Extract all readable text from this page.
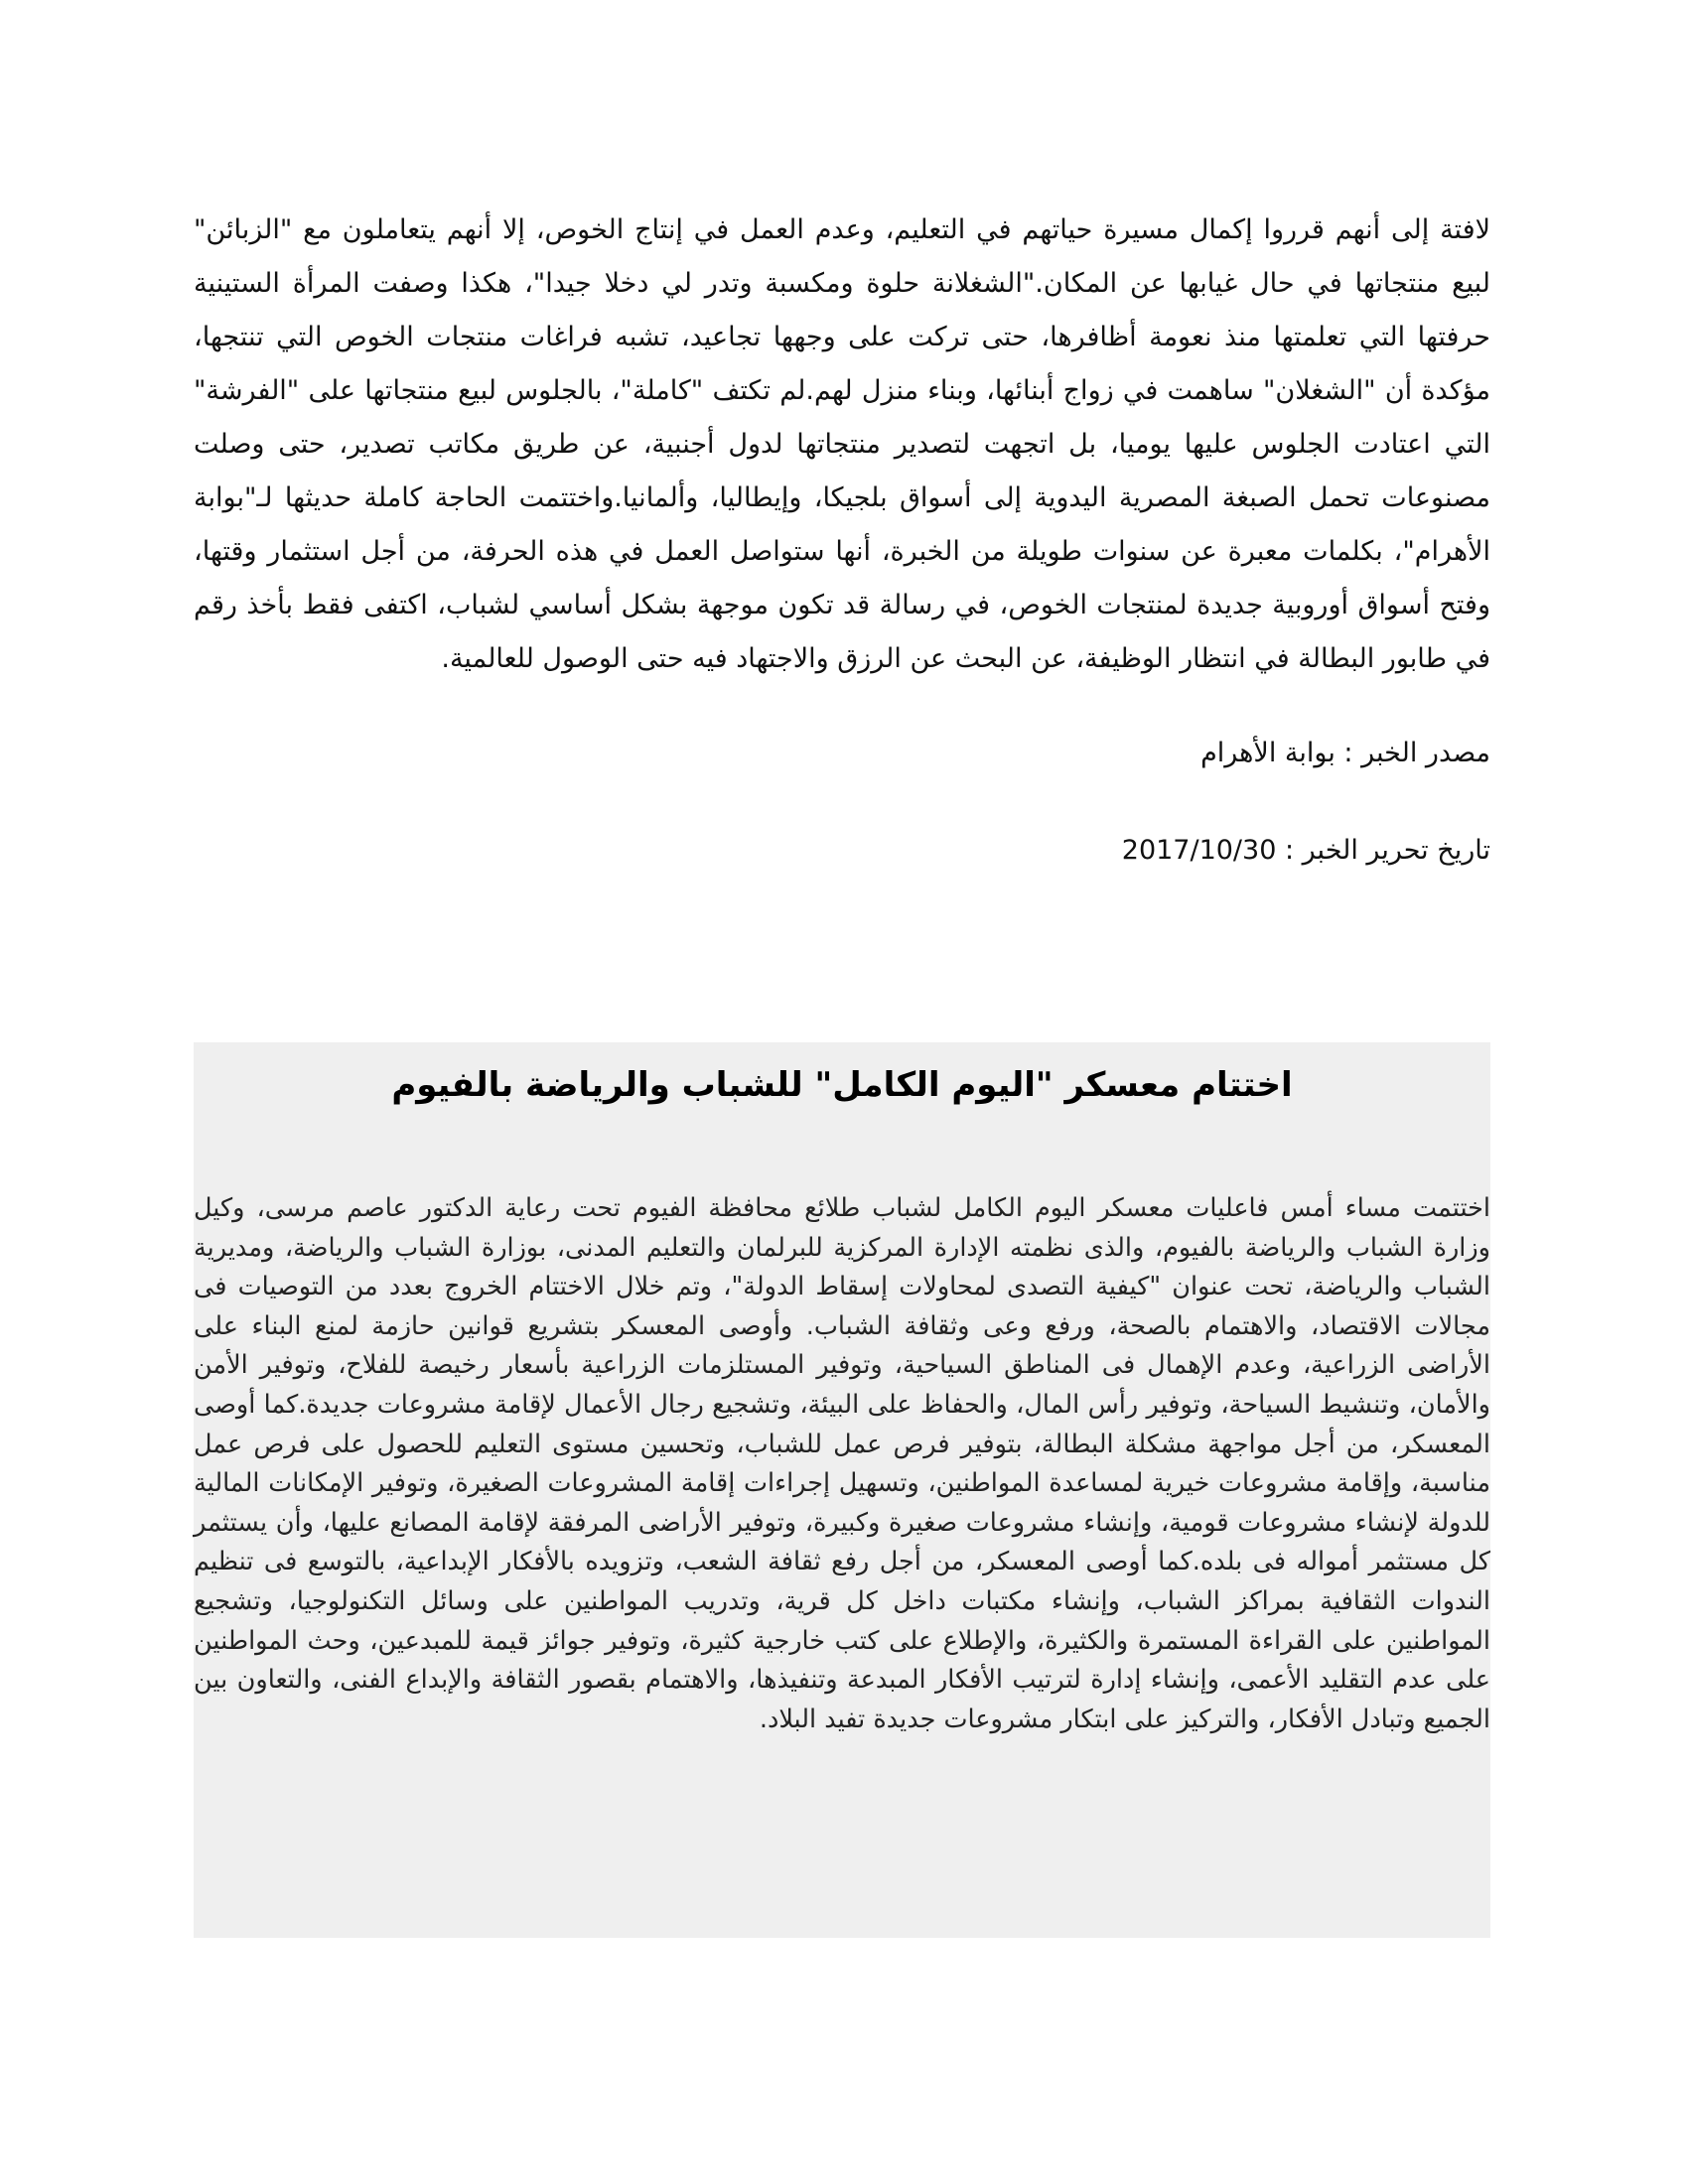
لافتة إلى أنهم قرروا إكمال مسيرة حياتهم في التعليم، وعدم العمل في إنتاج الخوص، إلا أنهم يتعاملون مع "الزبائن" لبيع منتجاتها في حال غيابها عن المكان."الشغلانة حلوة ومكسبة وتدر لي دخلا جيدا"، هكذا وصفت المرأة الستينية حرفتها التي تعلمتها منذ نعومة أظافرها، حتى تركت على وجهها تجاعيد، تشبه فراغات منتجات الخوص التي تنتجها، مؤكدة أن "الشغلان" ساهمت في زواج أبنائها، وبناء منزل لهم.لم تكتف "كاملة"، بالجلوس لبيع منتجاتها على "الفرشة" التي اعتادت الجلوس عليها يوميا، بل اتجهت لتصدير منتجاتها لدول أجنبية، عن طريق مكاتب تصدير، حتى وصلت مصنوعات تحمل الصبغة المصرية اليدوية إلى أسواق بلجيكا، وإيطاليا، وألمانيا.واختتمت الحاجة كاملة حديثها لـ"بوابة الأهرام"، بكلمات معبرة عن سنوات طويلة من الخبرة، أنها ستواصل العمل في هذه الحرفة، من أجل استثمار وقتها، وفتح أسواق أوروبية جديدة لمنتجات الخوص، في رسالة قد تكون موجهة بشكل أساسي لشباب، اكتفى فقط بأخذ رقم في طابور البطالة في انتظار الوظيفة، عن البحث عن الرزق والاجتهاد فيه حتى الوصول للعالمية.

مصدر الخبر : بوابة الأهرام

تاريخ تحرير الخبر : 2017/10/30

اختتام معسكر "اليوم الكامل" للشباب والرياضة بالفيوم

اختتمت مساء أمس فاعليات معسكر اليوم الكامل لشباب طلائع محافظة الفيوم تحت رعاية الدكتور عاصم مرسى، وكيل وزارة الشباب والرياضة بالفيوم، والذى نظمته الإدارة المركزية للبرلمان والتعليم المدنى، بوزارة الشباب والرياضة، ومديرية الشباب والرياضة، تحت عنوان "كيفية التصدى لمحاولات إسقاط الدولة"، وتم خلال الاختتام الخروج بعدد من التوصيات فى مجالات الاقتصاد، والاهتمام بالصحة، ورفع وعى وثقافة الشباب. وأوصى المعسكر بتشريع قوانين حازمة لمنع البناء على الأراضى الزراعية، وعدم الإهمال فى المناطق السياحية، وتوفير المستلزمات الزراعية بأسعار رخيصة للفلاح، وتوفير الأمن والأمان، وتنشيط السياحة، وتوفير رأس المال، والحفاظ على البيئة، وتشجيع رجال الأعمال لإقامة مشروعات جديدة.كما أوصى المعسكر، من أجل مواجهة مشكلة البطالة، بتوفير فرص عمل للشباب، وتحسين مستوى التعليم للحصول على فرص عمل مناسبة، وإقامة مشروعات خيرية لمساعدة المواطنين، وتسهيل إجراءات إقامة المشروعات الصغيرة، وتوفير الإمكانات المالية للدولة لإنشاء مشروعات قومية، وإنشاء مشروعات صغيرة وكبيرة، وتوفير الأراضى المرفقة لإقامة المصانع عليها، وأن يستثمر كل مستثمر أمواله فى بلده.كما أوصى المعسكر، من أجل رفع ثقافة الشعب، وتزويده بالأفكار الإبداعية، بالتوسع فى تنظيم الندوات الثقافية بمراكز الشباب، وإنشاء مكتبات داخل كل قرية، وتدريب المواطنين على وسائل التكنولوجيا، وتشجيع المواطنين على القراءة المستمرة والكثيرة، والإطلاع على كتب خارجية كثيرة، وتوفير جوائز قيمة للمبدعين، وحث المواطنين على عدم التقليد الأعمى، وإنشاء إدارة لترتيب الأفكار المبدعة وتنفيذها، والاهتمام بقصور الثقافة والإبداع الفنى، والتعاون بين الجميع وتبادل الأفكار، والتركيز على ابتكار مشروعات جديدة تفيد البلاد.
